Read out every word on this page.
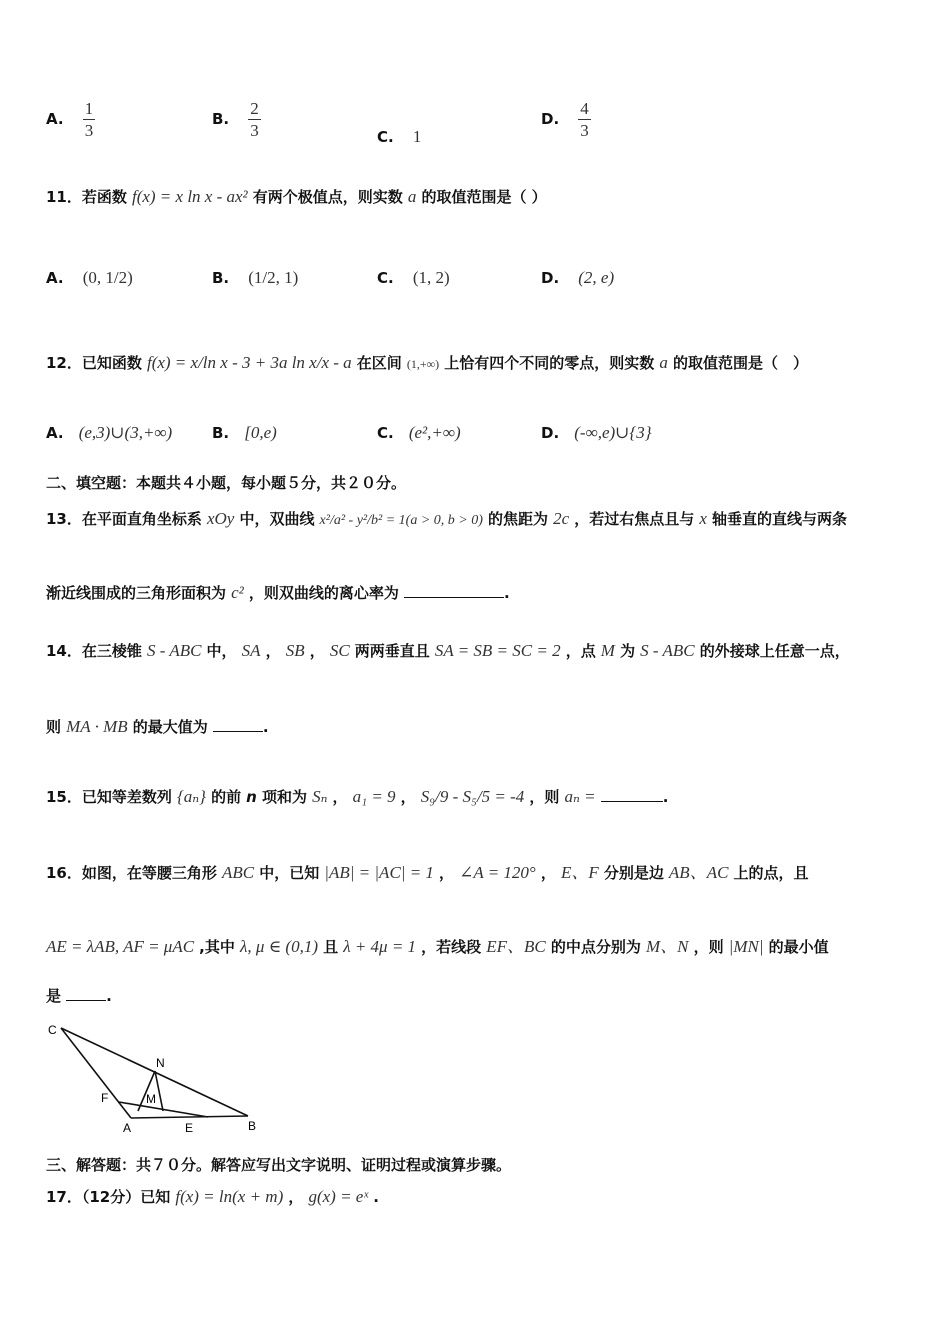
A. $\frac{1}{3}$	B. $\frac{2}{3}$	C. 1
D. $\frac{4}{3}$
11．若函数 f(x) = x ln x - ax² 有两个极值点，则实数 a 的取值范围是（ ）
A. (0, 1/2)	B. (1/2, 1)	C. (1, 2)	D. (2, e)
12．已知函数 f(x) = x/ln x - 3 + 3a ln x/x - a 在区间 (1,+∞) 上恰有四个不同的零点，则实数 a 的取值范围是（　）
A. (e,3)∪(3,+∞)	B. [0,e)	C. (e²,+∞)	D. (-∞,e)∪{3}
二、填空题：本题共４小题，每小题５分，共２０分。
13．在平面直角坐标系 xOy 中，双曲线 x²/a² - y²/b² = 1(a > 0, b > 0) 的焦距为 2c ，若过右焦点且与 x 轴垂直的直线与两条
渐近线围成的三角形面积为 c² ，则双曲线的离心率为	.
14．在三棱锥 S - ABC 中， SA ， SB ， SC 两两垂直且 SA = SB = SC = 2 ，点 M 为 S - ABC 的外接球上任意一点，
则 MA · MB 的最大值为	.
15．已知等差数列 {aₙ} 的前 n 项和为 Sₙ ， a₁ = 9 ， S₉/9 - S₅/5 = -4 ，则 aₙ =	.
16．如图，在等腰三角形 ABC 中，已知 |AB| = |AC| = 1 ， ∠A = 120° ， E、F 分别是边 AB、AC 上的点，且
AE = λAB, AF = μAC ,其中 λ, μ ∈ (0,1) 且 λ + 4μ = 1 ，若线段 EF、BC 的中点分别为 M、N ，则 |MN| 的最小值
是	.
C
N
F	M
A	E	B
三、解答题：共７０分。解答应写出文字说明、证明过程或演算步骤。
17．（12分）已知 f(x) = ln(x + m) ， g(x) = eˣ .
